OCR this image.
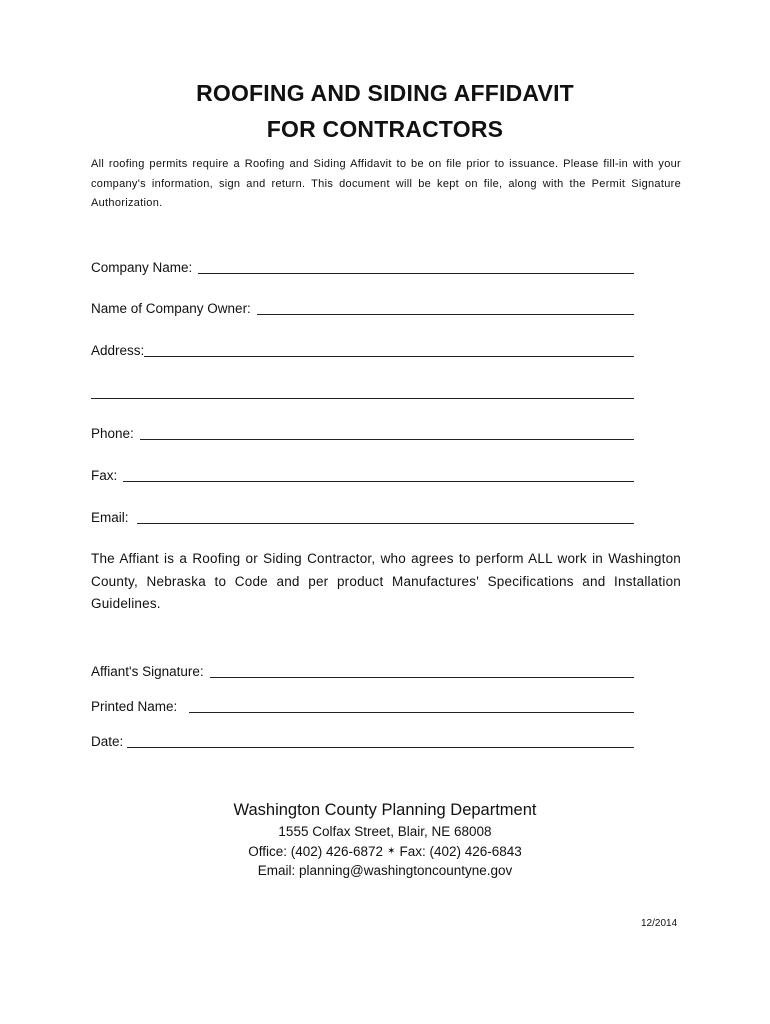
ROOFING AND SIDING AFFIDAVIT
FOR CONTRACTORS
All roofing permits require a Roofing and Siding Affidavit to be on file prior to issuance. Please fill-in with your company's information, sign and return. This document will be kept on file, along with the Permit Signature Authorization.
Company Name:
Name of Company Owner:
Address:
Phone:
Fax:
Email:
The Affiant is a Roofing or Siding Contractor, who agrees to perform ALL work in Washington County, Nebraska to Code and per product Manufactures' Specifications and Installation Guidelines.
Affiant's Signature:
Printed Name:
Date:
Washington County Planning Department
1555 Colfax Street, Blair, NE 68008
Office: (402) 426-6872 ✶ Fax: (402) 426-6843
Email: planning@washingtoncountyne.gov
12/2014
